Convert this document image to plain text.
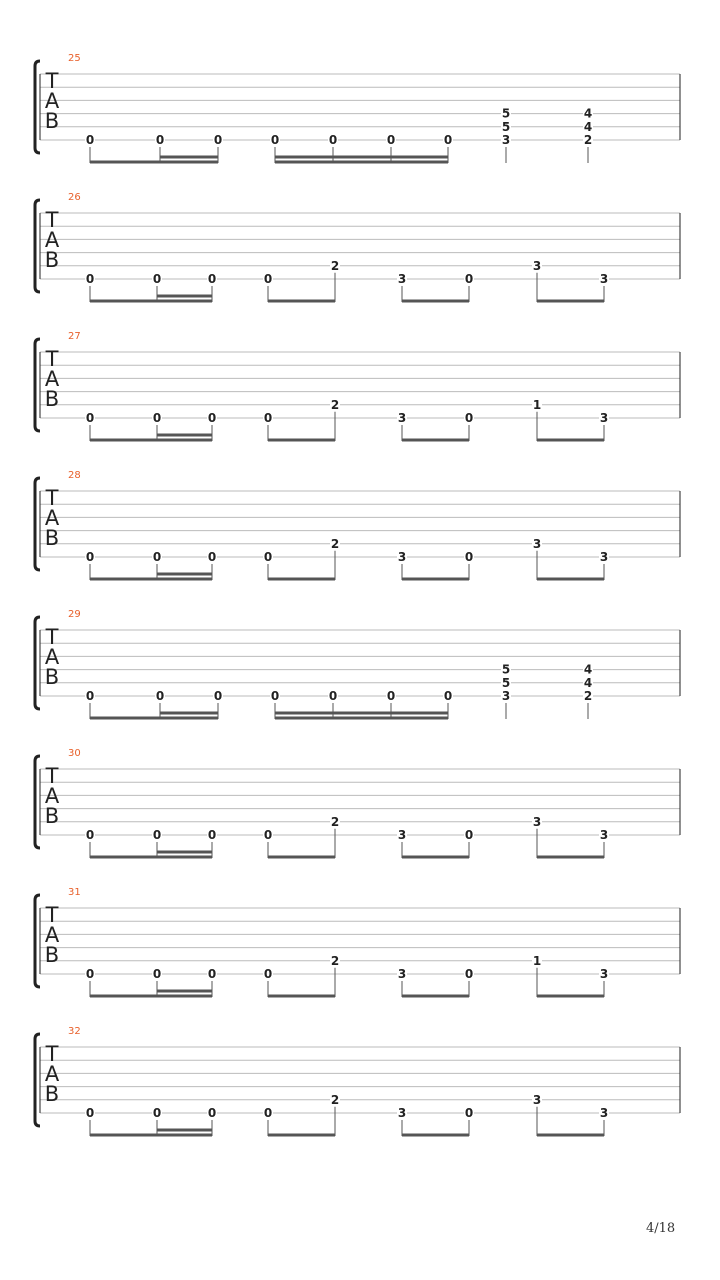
T
A
B
25
0	0	0	0	0	0	0
5
5
3
4
4
2
T
A
B
26
0	0	0	0
2
3	0
3
3
T
A
B
27
0	0	0	0
2
3	0
1
3
T
A
B
28
0	0	0	0
2
3	0
3
3
T
A
B
29
0	0	0	0	0	0	0
5
5
3
4
4
2
T
A
B
30
0	0	0	0
2
3	0
3
3
T
A
B
31
0	0	0	0
2
3	0
1
3
T
A
B
32
0	0	0	0
2
3	0
3
3
4/18
